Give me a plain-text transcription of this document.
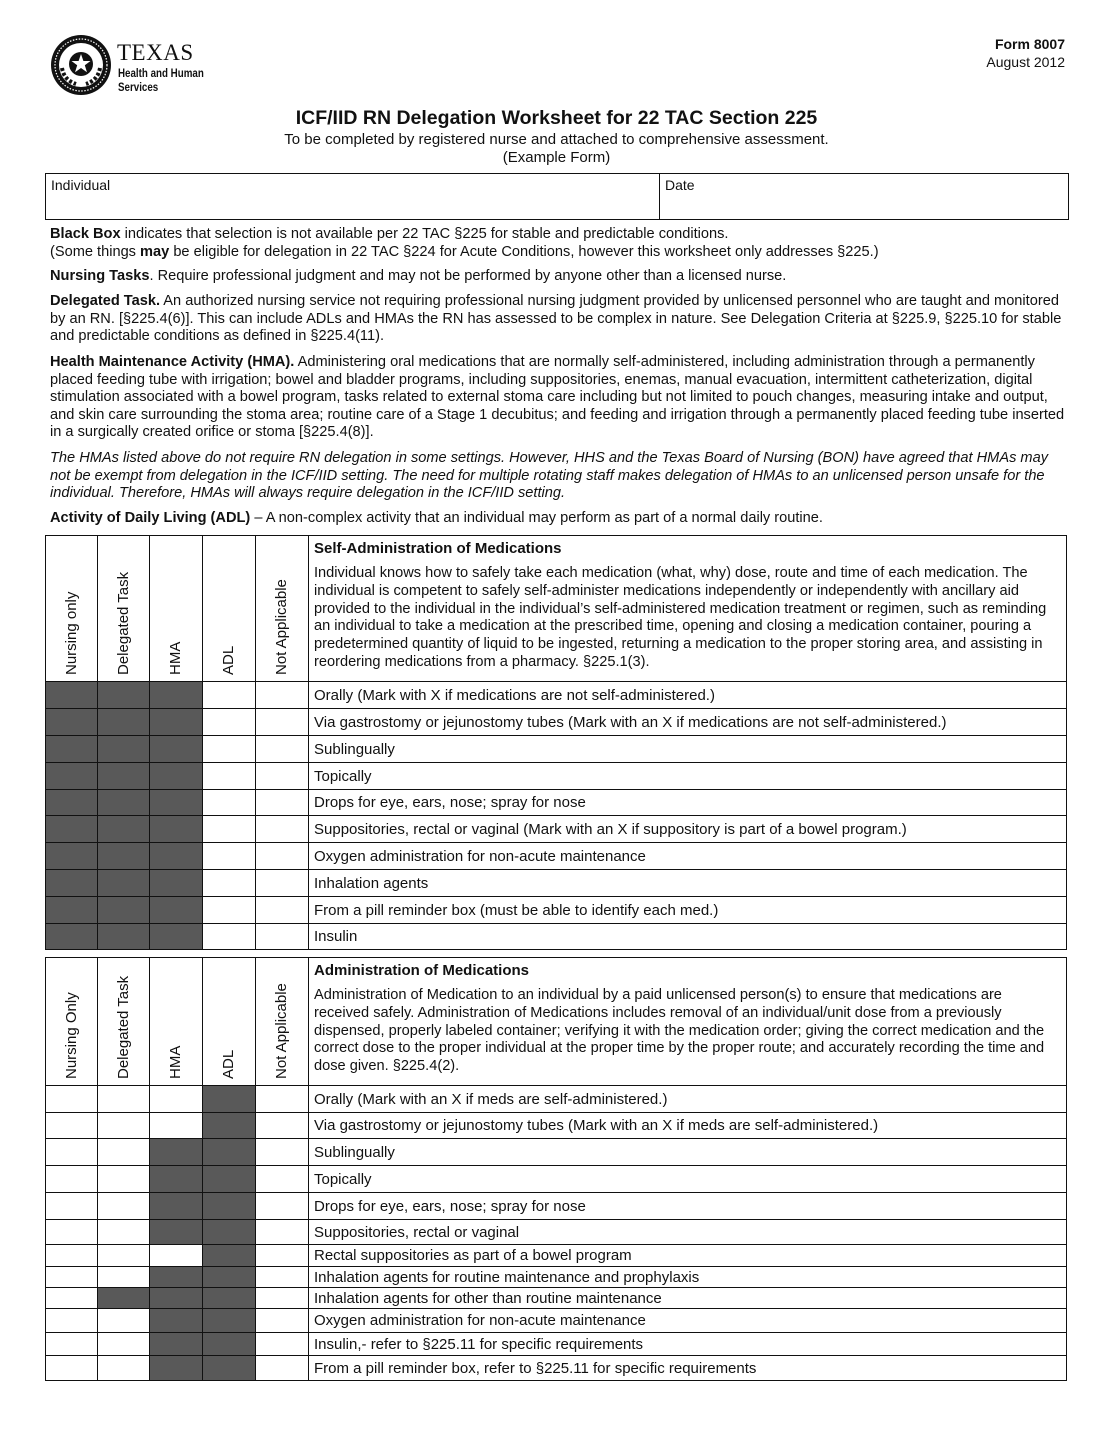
TEXAS
Health and Human
Services
Form 8007
August 2012
ICF/IID RN Delegation Worksheet for 22 TAC Section 225
To be completed by registered nurse and attached to comprehensive assessment.
(Example Form)
Individual	Date
Black Box indicates that selection is not available per 22 TAC §225 for stable and predictable conditions.
(Some things may be eligible for delegation in 22 TAC §224 for Acute Conditions, however this worksheet only addresses §225.)
Nursing Tasks. Require professional judgment and may not be performed by anyone other than a licensed nurse.
Delegated Task. An authorized nursing service not requiring professional nursing judgment provided by unlicensed personnel who are taught and monitored by an RN. [§225.4(6)]. This can include ADLs and HMAs the RN has assessed to be complex in nature. See Delegation Criteria at §225.9, §225.10 for stable and predictable conditions as defined in §225.4(11).
Health Maintenance Activity (HMA). Administering oral medications that are normally self-administered, including administration through a permanently placed feeding tube with irrigation; bowel and bladder programs, including suppositories, enemas, manual evacuation, intermittent catheterization, digital stimulation associated with a bowel program, tasks related to external stoma care including but not limited to pouch changes, measuring intake and output, and skin care surrounding the stoma area; routine care of a Stage 1 decubitus; and feeding and irrigation through a permanently placed feeding tube inserted in a surgically created orifice or stoma [§225.4(8)].
The HMAs listed above do not require RN delegation in some settings. However, HHS and the Texas Board of Nursing (BON) have agreed that HMAs may not be exempt from delegation in the ICF/IID setting. The need for multiple rotating staff makes delegation of HMAs to an unlicensed person unsafe for the individual. Therefore, HMAs will always require delegation in the ICF/IID setting.
Activity of Daily Living (ADL) – A non-complex activity that an individual may perform as part of a normal daily routine.
Nursing only	Delegated Task	HMA	ADL	Not Applicable	Self-Administration of Medications
Individual knows how to safely take each medication (what, why) dose, route and time of each medication. The individual is competent to safely self-administer medications independently or independently with ancillary aid provided to the individual in the individual’s self-administered medication treatment or regimen, such as reminding an individual to take a medication at the prescribed time, opening and closing a medication container, pouring a predetermined quantity of liquid to be ingested, returning a medication to the proper storing area, and assisting in reordering medications from a pharmacy. §225.1(3).

					Orally (Mark with X if medications are not self-administered.)
					Via gastrostomy or jejunostomy tubes (Mark with an X if medications are not self-administered.)
					Sublingually
					Topically
					Drops for eye, ears, nose; spray for nose
					Suppositories, rectal or vaginal (Mark with an X if suppository is part of a bowel program.)
					Oxygen administration for non-acute maintenance
					Inhalation agents
					From a pill reminder box (must be able to identify each med.)
					Insulin
Nursing Only	Delegated Task	HMA	ADL	Not Applicable	Administration of Medications
Administration of Medication to an individual by a paid unlicensed person(s) to ensure that medications are received safely. Administration of Medications includes removal of an individual/unit dose from a previously dispensed, properly labeled container; verifying it with the medication order; giving the correct medication and the correct dose to the proper individual at the proper time by the proper route; and accurately recording the time and dose given. §225.4(2).

					Orally (Mark with an X if meds are self-administered.)
					Via gastrostomy or jejunostomy tubes (Mark with an X if meds are self-administered.)
					Sublingually
					Topically
					Drops for eye, ears, nose; spray for nose
					Suppositories, rectal or vaginal
					Rectal suppositories as part of a bowel program
					Inhalation agents for routine maintenance and prophylaxis
					Inhalation agents for other than routine maintenance
					Oxygen administration for non-acute maintenance
					Insulin,- refer to §225.11 for specific requirements
					From a pill reminder box, refer to §225.11 for specific requirements
